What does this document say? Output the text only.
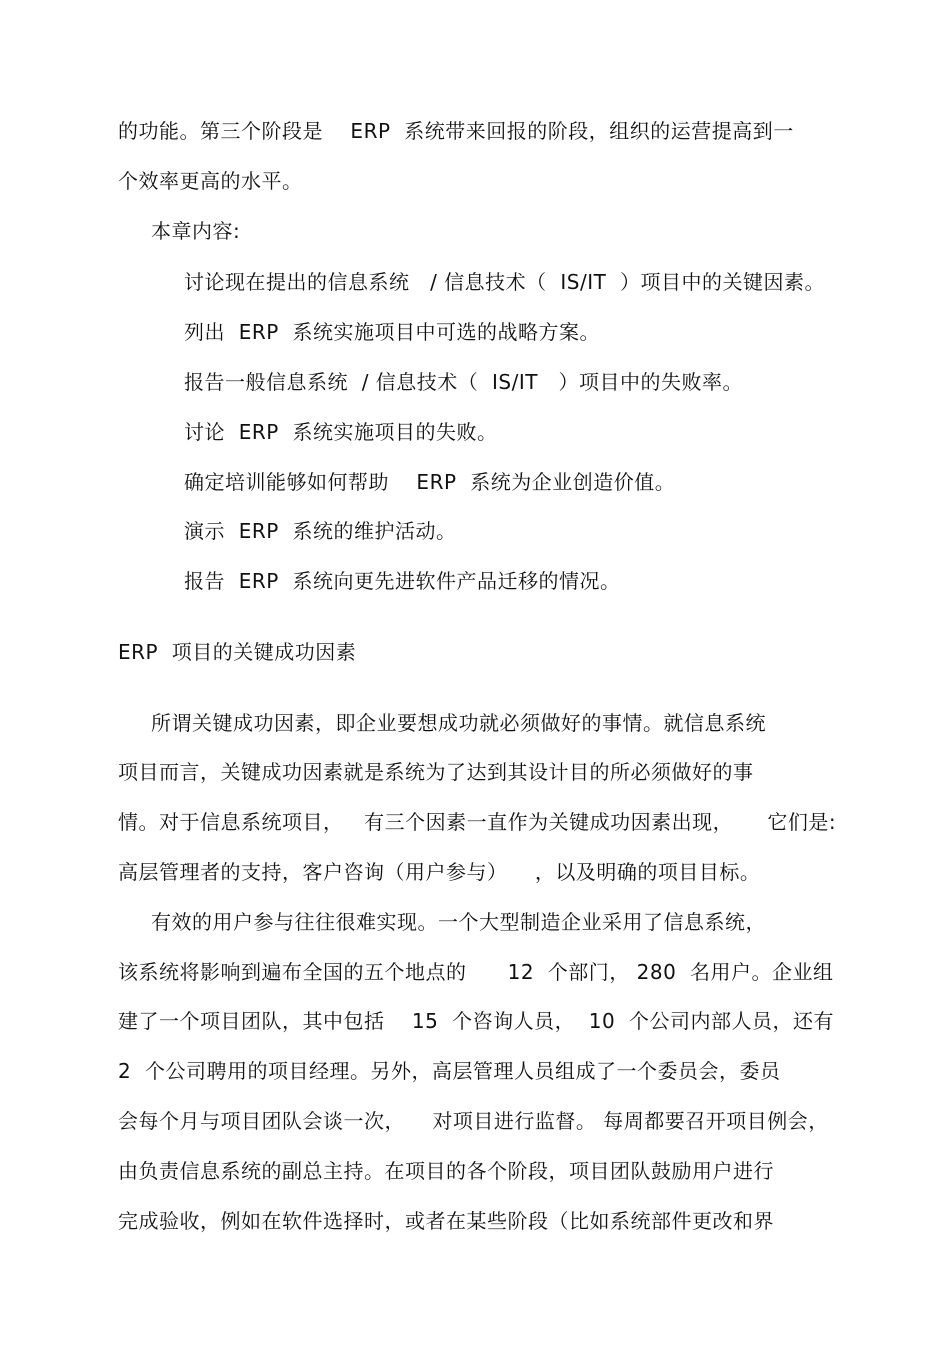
的功能。第三个阶段是    ERP  系统带来回报的阶段，组织的运营提高到一
个效率更高的水平。
本章内容:
讨论现在提出的信息系统   / 信息技术（  IS/IT  ）项目中的关键因素。
列出  ERP  系统实施项目中可选的战略方案。
报告一般信息系统  / 信息技术（  IS/IT   ）项目中的失败率。
讨论  ERP  系统实施项目的失败。
确定培训能够如何帮助    ERP  系统为企业创造价值。
演示  ERP  系统的维护活动。
报告  ERP  系统向更先进软件产品迁移的情况。
ERP  项目的关键成功因素
所谓关键成功因素，即企业要想成功就必须做好的事情。就信息系统
项目而言，关键成功因素就是系统为了达到其设计目的所必须做好的事
情。对于信息系统项目，   有三个因素一直作为关键成功因素出现，     它们是:
高层管理者的支持，客户咨询（用户参与）    ，以及明确的项目目标。
有效的用户参与往往很难实现。一个大型制造企业采用了信息系统，
该系统将影响到遍布全国的五个地点的      12  个部门， 280  名用户。企业组
建了一个项目团队，其中包括    15  个咨询人员，  10  个公司内部人员，还有
2  个公司聘用的项目经理。另外，高层管理人员组成了一个委员会，委员
会每个月与项目团队会谈一次，    对项目进行监督。 每周都要召开项目例会，
由负责信息系统的副总主持。在项目的各个阶段，项目团队鼓励用户进行
完成验收，例如在软件选择时，或者在某些阶段（比如系统部件更改和界
